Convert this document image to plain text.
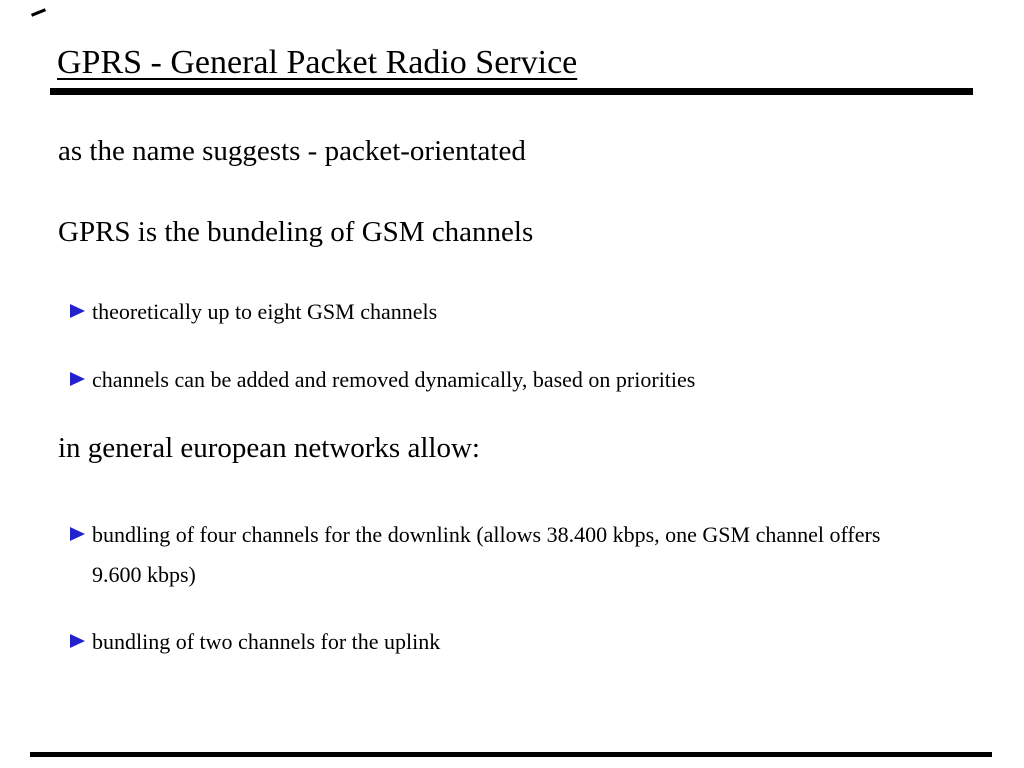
GPRS - General Packet Radio Service

as the name suggests - packet-orientated

GPRS is the bundeling of GSM channels

theoretically up to eight GSM channels
channels can be added and removed dynamically, based on priorities

in general european networks allow:

bundling of four channels for the downlink (allows 38.400 kbps, one GSM channel offers 9.600 kbps)
bundling of two channels for the uplink
